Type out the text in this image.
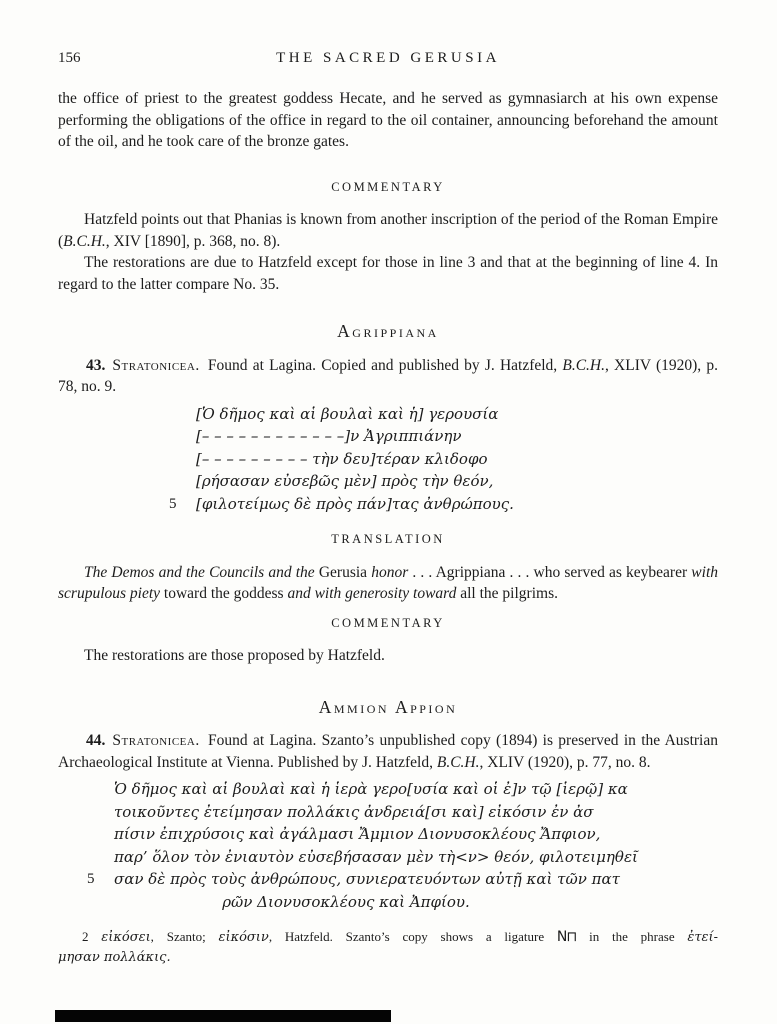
156	THE SACRED GERUSIA

the office of priest to the greatest goddess Hecate, and he served as gymnasiarch at his own expense performing the obligations of the office in regard to the oil container, announcing beforehand the amount of the oil, and he took care of the bronze gates.

COMMENTARY

Hatzfeld points out that Phanias is known from another inscription of the period of the Roman Empire (B.C.H., XIV [1890], p. 368, no. 8).

The restorations are due to Hatzfeld except for those in line 3 and that at the beginning of line 4. In regard to the latter compare No. 35.

Agrippiana

43. Stratonicea. Found at Lagina. Copied and published by J. Hatzfeld, B.C.H., XLIV (1920), p. 78, no. 9.

[Ὁ δῆμος καὶ αἱ βουλαὶ καὶ ἡ] γερουσία
[– – – – – – – – – – – –]ν Ἀγριππιάνην
[– – – – – – – – – τὴν δευ]τέραν κλιδοφο
[ρήσασαν εὐσεβῶς μὲν] πρὸς τὴν θεόν,
5 [φιλοτείμως δὲ πρὸς πάν]τας ἀνθρώπους.
TRANSLATION

The Demos and the Councils and the Gerusia honor . . . Agrippiana . . . who served as keybearer with scrupulous piety toward the goddess and with generosity toward all the pilgrims.

COMMENTARY

The restorations are those proposed by Hatzfeld.

Ammion Appion

44. Stratonicea. Found at Lagina. Szanto’s unpublished copy (1894) is preserved in the Austrian Archaeological Institute at Vienna. Published by J. Hatzfeld, B.C.H., XLIV (1920), p. 77, no. 8.

Ὁ δῆμος καὶ αἱ βουλαὶ καὶ ἡ ἱερὰ γερο[υσία καὶ οἱ ἐ]ν τῷ [ἱερῷ] κα
τοικοῦντες ἐτείμησαν πολλάκις ἀνδρειά[σι καὶ] εἰκόσιν ἐν ἀσ
πίσιν ἐπιχρύσοις καὶ ἀγάλμασι Ἄμμιον Διονυσοκλέους Ἄπφιον,
παρ’ ὅλον τὸν ἐνιαυτὸν εὐσεβήσασαν μὲν τὴ<ν> θεόν, φιλοτειμηθεῖ
5 σαν δὲ πρὸς τοὺς ἀνθρώπους, συνιερατευόντων αὐτῇ καὶ τῶν πατ
ρῶν Διονυσοκλέους καὶ Ἀπφίου.
2 εἰκόσει, Szanto; εἰκόσιν, Hatzfeld. Szanto’s copy shows a ligature Ν⊓ in the phrase ἐτεί-
μησαν πολλάκις.
